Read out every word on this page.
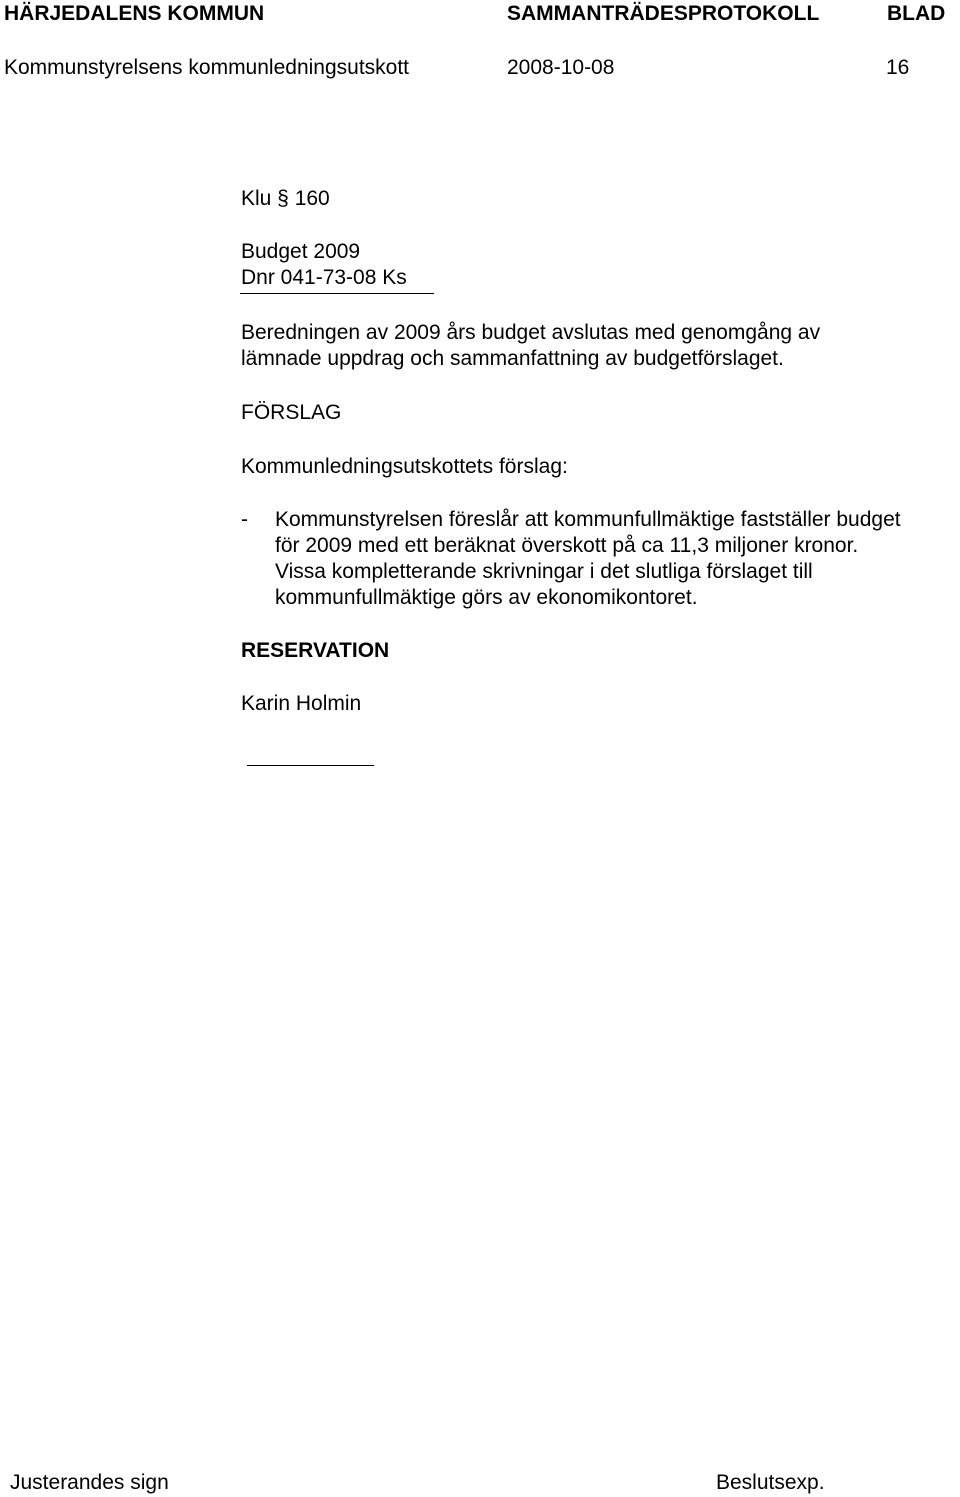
HÄRJEDALENS KOMMUN	SAMMANTRÄDESPROTOKOLL	BLAD
Kommunstyrelsens kommunledningsutskott	2008-10-08	16
Klu § 160
Budget 2009
Dnr 041-73-08 Ks
Beredningen av 2009 års budget avslutas med genomgång av
lämnade uppdrag och sammanfattning av budgetförslaget.
FÖRSLAG
Kommunledningsutskottets förslag:
- Kommunstyrelsen föreslår att kommunfullmäktige fastställer budget
för 2009 med ett beräknat överskott på ca 11,3 miljoner kronor.
Vissa kompletterande skrivningar i det slutliga förslaget till
kommunfullmäktige görs av ekonomikontoret.
RESERVATION
Karin Holmin
Justerandes sign	Beslutsexp.
